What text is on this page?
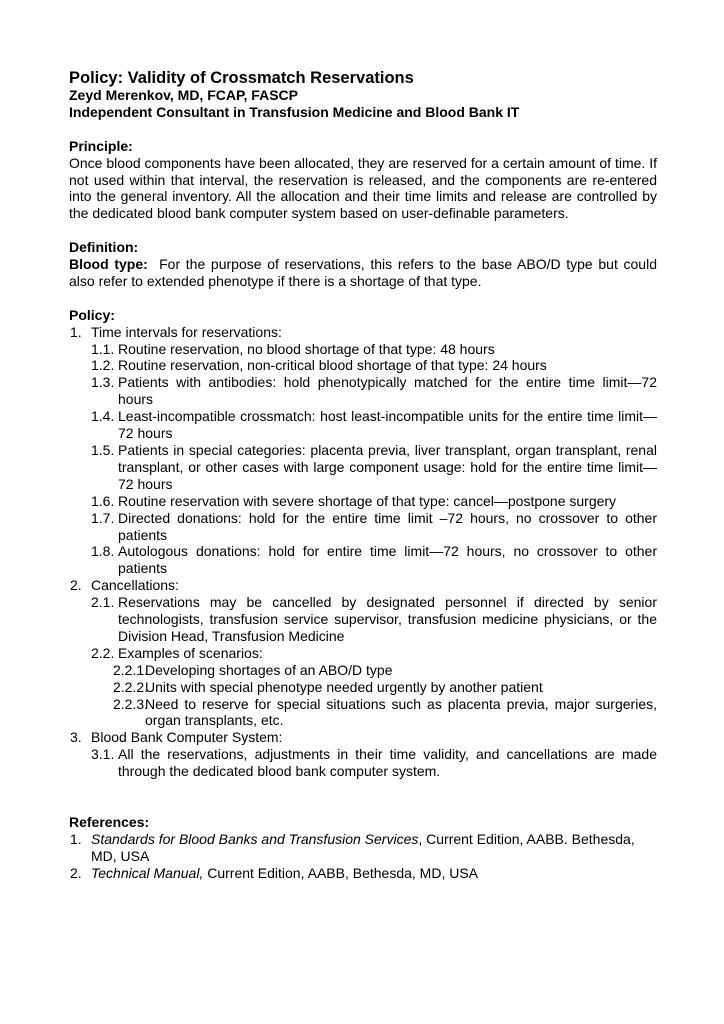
Policy: Validity of Crossmatch Reservations
Zeyd Merenkov, MD, FCAP, FASCP
Independent Consultant in Transfusion Medicine and Blood Bank IT
Principle:
Once blood components have been allocated, they are reserved for a certain amount of time. If not used within that interval, the reservation is released, and the components are re-entered into the general inventory. All the allocation and their time limits and release are controlled by the dedicated blood bank computer system based on user-definable parameters.
Definition:
Blood type:  For the purpose of reservations, this refers to the base ABO/D type but could also refer to extended phenotype if there is a shortage of that type.
Policy:
1. Time intervals for reservations:
1.1. Routine reservation, no blood shortage of that type: 48 hours
1.2. Routine reservation, non-critical blood shortage of that type: 24 hours
1.3. Patients with antibodies: hold phenotypically matched for the entire time limit—72 hours
1.4. Least-incompatible crossmatch: host least-incompatible units for the entire time limit—72 hours
1.5. Patients in special categories: placenta previa, liver transplant, organ transplant, renal transplant, or other cases with large component usage: hold for the entire time limit—72 hours
1.6. Routine reservation with severe shortage of that type: cancel—postpone surgery
1.7. Directed donations: hold for the entire time limit –72 hours, no crossover to other patients
1.8. Autologous donations: hold for entire time limit—72 hours, no crossover to other patients
2. Cancellations:
2.1. Reservations may be cancelled by designated personnel if directed by senior technologists, transfusion service supervisor, transfusion medicine physicians, or the Division Head, Transfusion Medicine
2.2. Examples of scenarios:
2.2.1.
Developing shortages of an ABO/D type
2.2.2.
Units with special phenotype needed urgently by another patient
2.2.3.
Need to reserve for special situations such as placenta previa, major surgeries, organ transplants, etc.
3. Blood Bank Computer System:
3.1. All the reservations, adjustments in their time validity, and cancellations are made through the dedicated blood bank computer system.
References:
1. Standards for Blood Banks and Transfusion Services, Current Edition, AABB. Bethesda, MD, USA
2. Technical Manual, Current Edition, AABB, Bethesda, MD, USA
